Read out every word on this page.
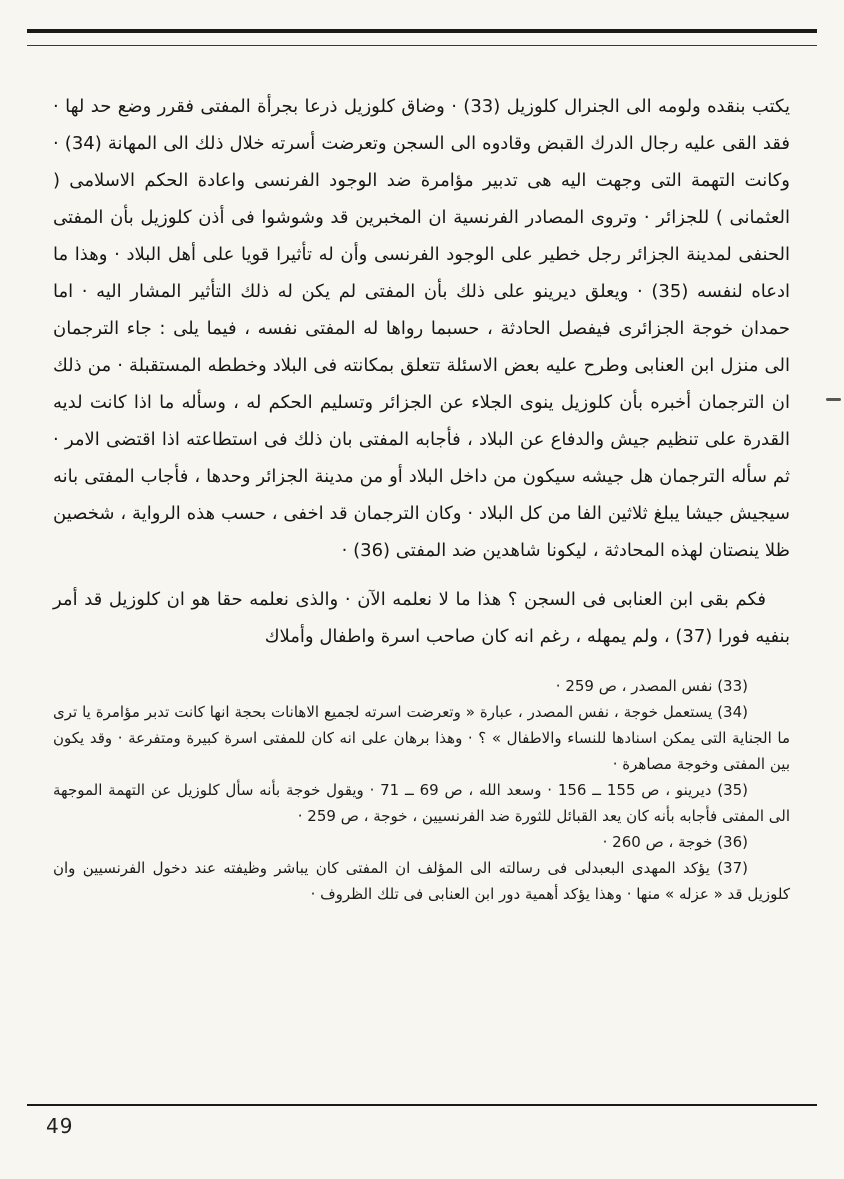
يكتب بنقده ولومه الى الجنرال كلوزيل (33) · وضاق كلوزيل ذرعا بجرأة المفتى فقرر وضع حد لها · فقد القى عليه رجال الدرك القبض وقادوه الى السجن وتعرضت أسرته خلال ذلك الى المهانة (34) · وكانت التهمة التى وجهت اليه هى تدبير مؤامرة ضد الوجود الفرنسى واعادة الحكم الاسلامى ( العثمانى ) للجزائر · وتروى المصادر الفرنسية ان المخبرين قد وشوشوا فى أذن كلوزيل بأن المفتى الحنفى لمدينة الجزائر رجل خطير على الوجود الفرنسى وأن له تأثيرا قويا على أهل البلاد · وهذا ما ادعاه لنفسه (35) · ويعلق ديرينو على ذلك بأن المفتى لم يكن له ذلك التأثير المشار اليه · اما حمدان خوجة الجزائرى فيفصل الحادثة ، حسبما رواها له المفتى نفسه ، فيما يلى : جاء الترجمان الى منزل ابن العنابى وطرح عليه بعض الاسئلة تتعلق بمكانته فى البلاد وخططه المستقبلة · من ذلك ان الترجمان أخبره بأن كلوزيل ينوى الجلاء عن الجزائر وتسليم الحكم له ، وسأله ما اذا كانت لديه القدرة على تنظيم جيش والدفاع عن البلاد ، فأجابه المفتى بان ذلك فى استطاعته اذا اقتضى الامر · ثم سأله الترجمان هل جيشه سيكون من داخل البلاد أو من مدينة الجزائر وحدها ، فأجاب المفتى بانه سيجيش جيشا يبلغ ثلاثين الفا من كل البلاد · وكان الترجمان قد اخفى ، حسب هذه الرواية ، شخصين ظلا ينصتان لهذه المحادثة ، ليكونا شاهدين ضد المفتى (36) ·

فكم بقى ابن العنابى فى السجن ؟ هذا ما لا نعلمه الآن · والذى نعلمه حقا هو ان كلوزيل قد أمر بنفيه فورا (37) ، ولم يمهله ، رغم انه كان صاحب اسرة واطفال وأملاك

(33) نفس المصدر ، ص 259 ·

(34) يستعمل خوجة ، نفس المصدر ، عبارة « وتعرضت اسرته لجميع الاهانات بحجة انها كانت تدبر مؤامرة يا ترى ما الجناية التى يمكن اسنادها للنساء والاطفال » ؟ · وهذا برهان على انه كان للمفتى اسرة كبيرة ومتفرعة · وقد يكون بين المفتى وخوجة مصاهرة ·

(35) ديرينو ، ص 155 ــ 156 · وسعد الله ، ص 69 ــ 71 · ويقول خوجة بأنه سأل كلوزيل عن التهمة الموجهة الى المفتى فأجابه بأنه كان يعد القبائل للثورة ضد الفرنسيين ، خوجة ، ص 259 ·

(36) خوجة ، ص 260 ·

(37) يؤكد المهدى البعبدلى فى رسالته الى المؤلف ان المفتى كان يباشر وظيفته عند دخول الفرنسيين وان كلوزيل قد « عزله » منها · وهذا يؤكد أهمية دور ابن العنابى فى تلك الظروف ·

49
